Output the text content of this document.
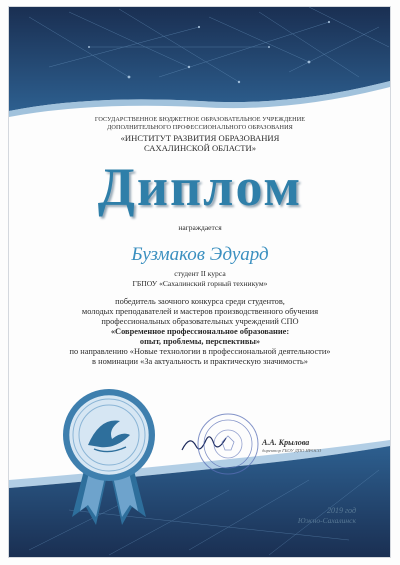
ГОСУДАРСТВЕННОЕ БЮДЖЕТНОЕ ОБРАЗОВАТЕЛЬНОЕ УЧРЕЖДЕНИЕ
ДОПОЛНИТЕЛЬНОГО ПРОФЕССИОНАЛЬНОГО ОБРАЗОВАНИЯ
«ИНСТИТУТ РАЗВИТИЯ ОБРАЗОВАНИЯ
САХАЛИНСКОЙ ОБЛАСТИ»
Диплом
награждается
Бузмаков Эдуард
студент II курса
ГБПОУ «Сахалинский горный техникум»
победитель заочного конкурса среди студентов,
молодых преподавателей и мастеров производственного обучения
профессиональных образовательных учреждений СПО
«Современное профессиональное образование:
опыт, проблемы, перспективы»
по направлению «Новые технологии в профессиональной деятельности»
в номинации «За актуальность и практическую значимость»
А.А. Крылова
директор ГБОУ ДПО ИРОСО
2019 год
Южно-Сахалинск
